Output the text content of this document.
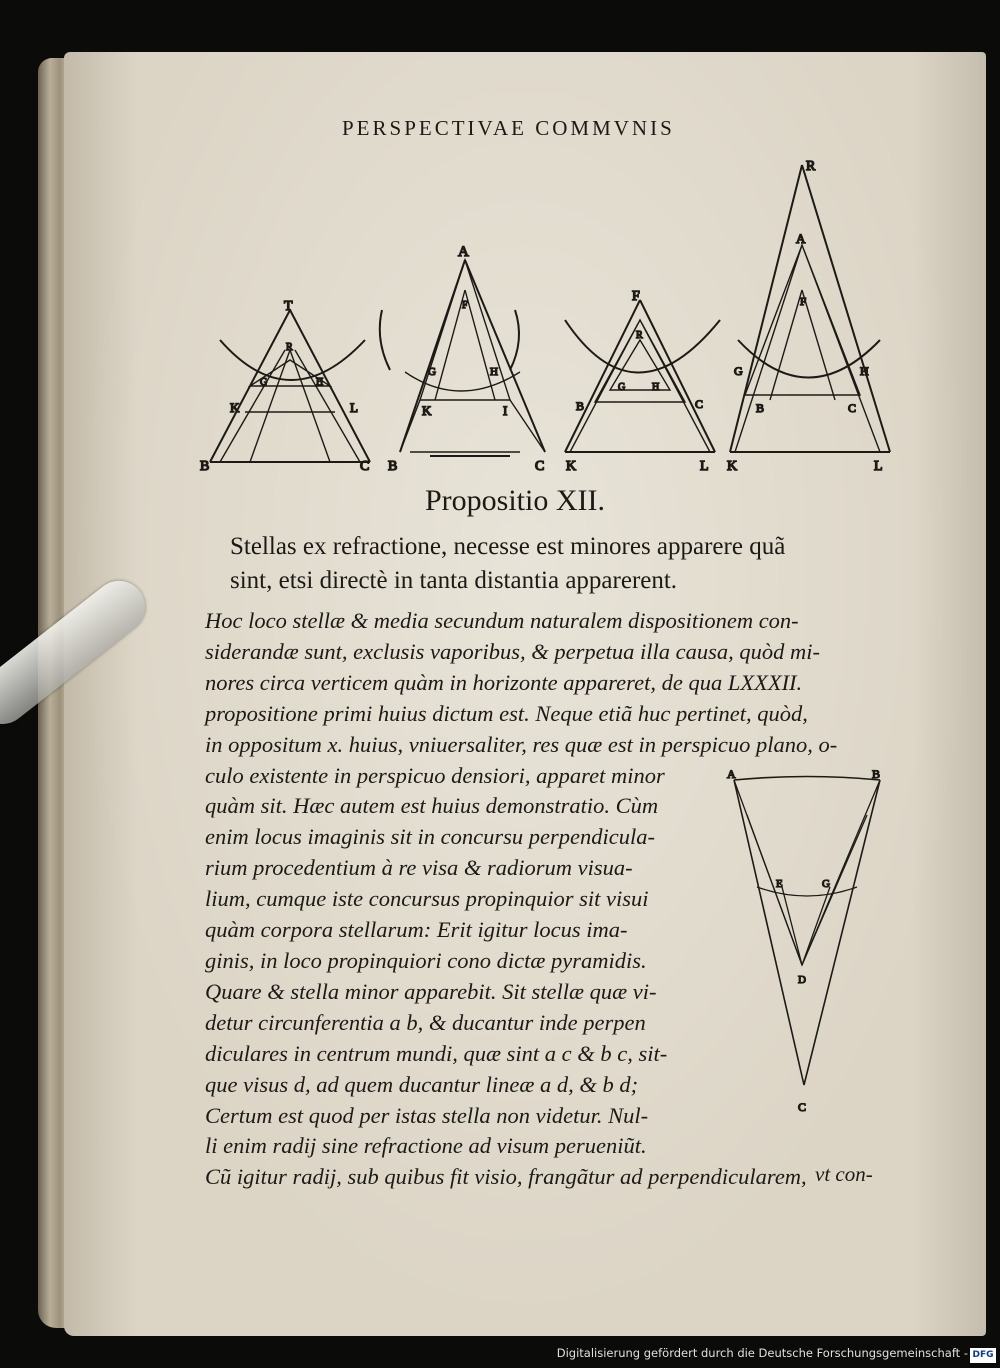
PERSPECTIVAE COMMVNIS
T
R
G	H
K	L
B	C
A
F
B
K	I
H
G
C
F
R
G	H
B	C
K	L
R
A
F
G	H
B	C
K	L
Propositio XII.

Stellas ex refractione, necesse est minores apparere quã

sint, etsi directè in tanta distantia apparerent.

Hoc loco stellæ & media secundum naturalem dispositionem con-

siderandæ sunt, exclusis vaporibus, & perpetua illa causa, quòd mi-

nores circa verticem quàm in horizonte appareret, de qua LXXXII.

propositione primi huius dictum est. Neque etiã huc pertinet, quòd,

in oppositum x. huius, vniuersaliter, res quæ est in perspicuo plano, o-

culo existente in perspicuo densiori, apparet minor

quàm sit. Hæc autem est huius demonstratio. Cùm

enim locus imaginis sit in concursu perpendicula-

rium procedentium à re visa & radiorum visua-

lium, cumque iste concursus propinquior sit visui

quàm corpora stellarum: Erit igitur locus ima-

ginis, in loco propinquiori cono dictæ pyramidis.

Quare & stella minor apparebit. Sit stellæ quæ vi-

detur circunferentia a b, & ducantur inde perpen

diculares in centrum mundi, quæ sint a c & b c, sit-

que visus d, ad quem ducantur lineæ a d, & b d;

Certum est quod per istas stella non videtur. Nul-

li enim radij sine refractione ad visum perueniũt.

Cũ igitur radij, sub quibus fit visio, frangãtur ad perpendicularem,

A	B
E	G
D
C
vt con-
Digitalisierung gefördert durch die Deutsche Forschungsgemeinschaft - DFG
